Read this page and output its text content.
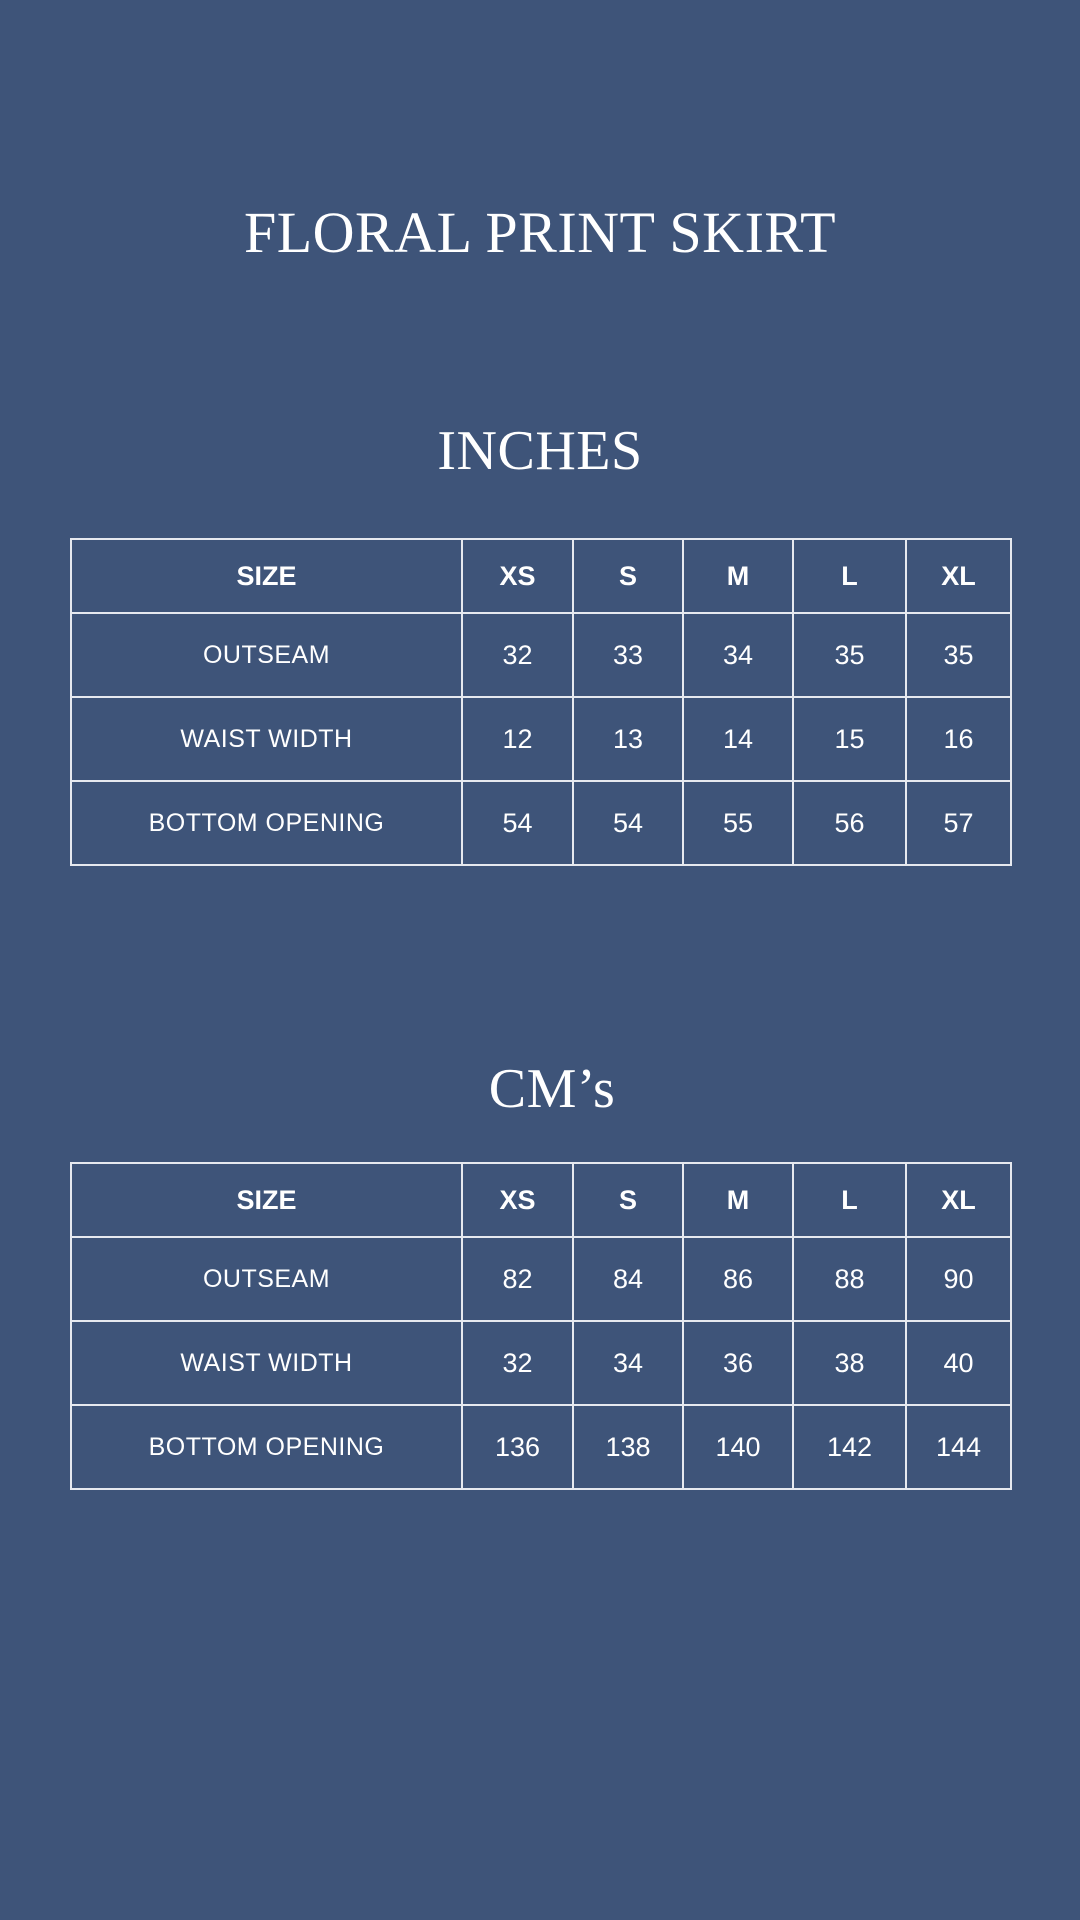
FLORAL PRINT SKIRT
INCHES
SIZE	XS	S	M	L	XL
OUTSEAM	32	33	34	35	35
WAIST WIDTH	12	13	14	15	16
BOTTOM OPENING	54	54	55	56	57
CM’s
SIZE	XS	S	M	L	XL
OUTSEAM	82	84	86	88	90
WAIST WIDTH	32	34	36	38	40
BOTTOM OPENING	136	138	140	142	144
